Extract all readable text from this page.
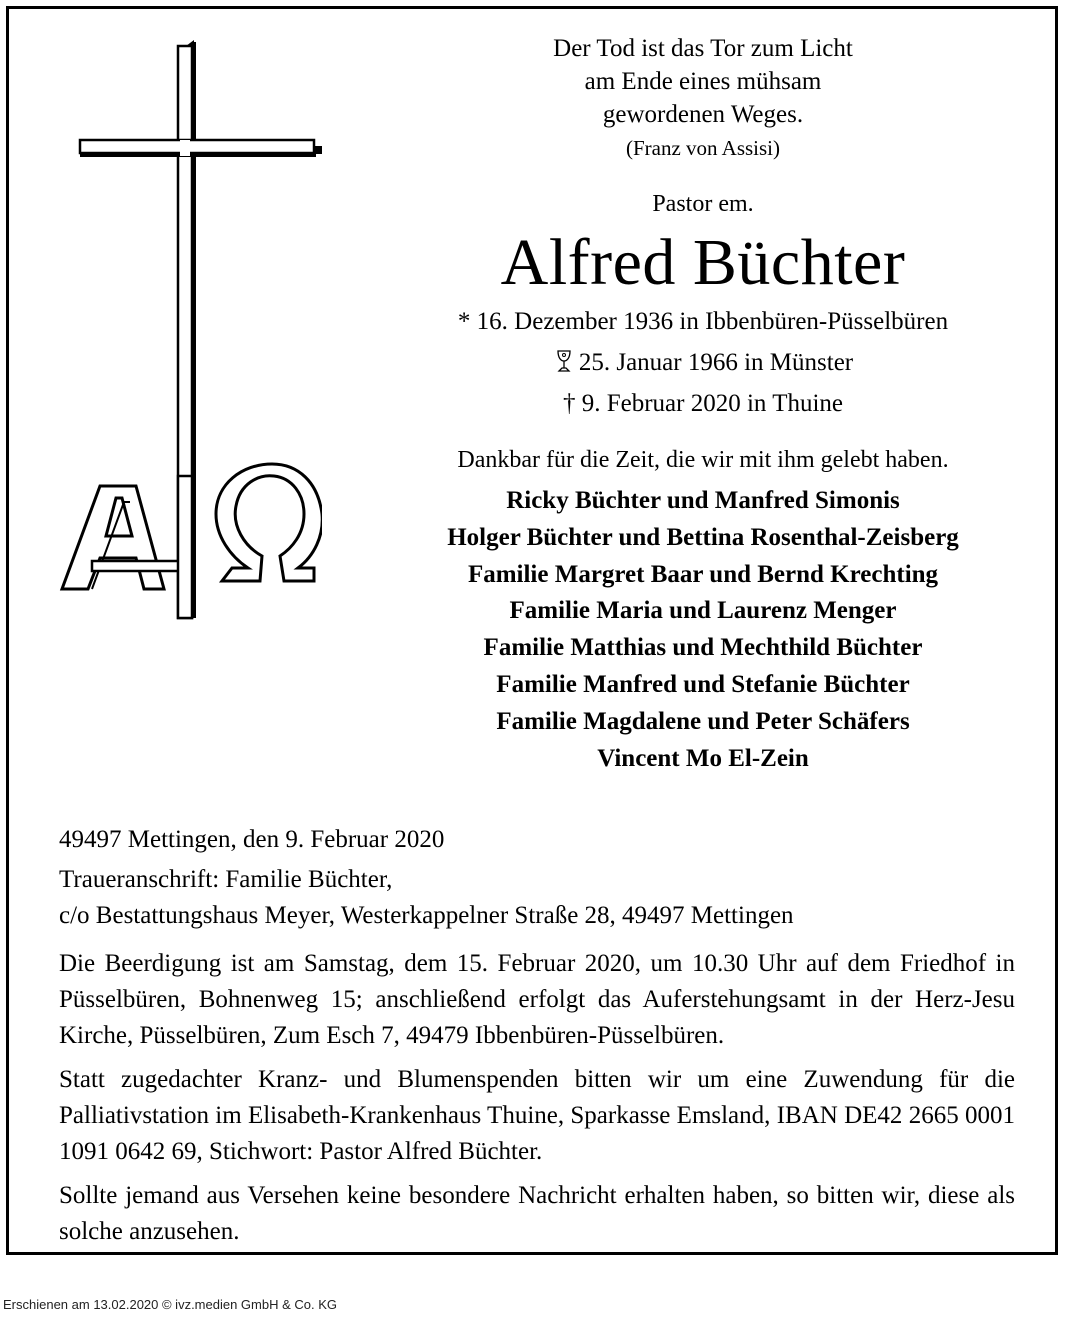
Der Tod ist das Tor zum Licht
am Ende eines mühsam
gewordenen Weges.
(Franz von Assisi)
Pastor em.
Alfred Büchter
* 16. Dezember 1936 in Ibbenbüren-Püsselbüren
25. Januar 1966 in Münster
† 9. Februar 2020 in Thuine
Dankbar für die Zeit, die wir mit ihm gelebt haben.
Ricky Büchter und Manfred Simonis
Holger Büchter und Bettina Rosenthal-Zeisberg
Familie Margret Baar und Bernd Krechting
Familie Maria und Laurenz Menger
Familie Matthias und Mechthild Büchter
Familie Manfred und Stefanie Büchter
Familie Magdalene und Peter Schäfers
Vincent Mo El-Zein

49497 Mettingen, den 9. Februar 2020

Traueranschrift: Familie Büchter,

c/o Bestattungshaus Meyer, Westerkappelner Straße 28, 49497 Mettingen

Die Beerdigung ist am Samstag, dem 15. Februar 2020, um 10.30 Uhr auf dem Friedhof in Püsselbüren, Bohnenweg 15; anschließend erfolgt das Auferstehungsamt in der Herz-Jesu Kirche, Püsselbüren, Zum Esch 7, 49479 Ibbenbüren-Püsselbüren.

Statt zugedachter Kranz- und Blumenspenden bitten wir um eine Zuwendung für die Palliativstation im Elisabeth-Krankenhaus Thuine, Sparkasse Emsland, IBAN DE42 2665 0001 1091 0642 69, Stichwort: Pastor Alfred Büchter.

Sollte jemand aus Versehen keine besondere Nachricht erhalten haben, so bitten wir, diese als solche anzusehen.

Erschienen am 13.02.2020 © ivz.medien GmbH & Co. KG
